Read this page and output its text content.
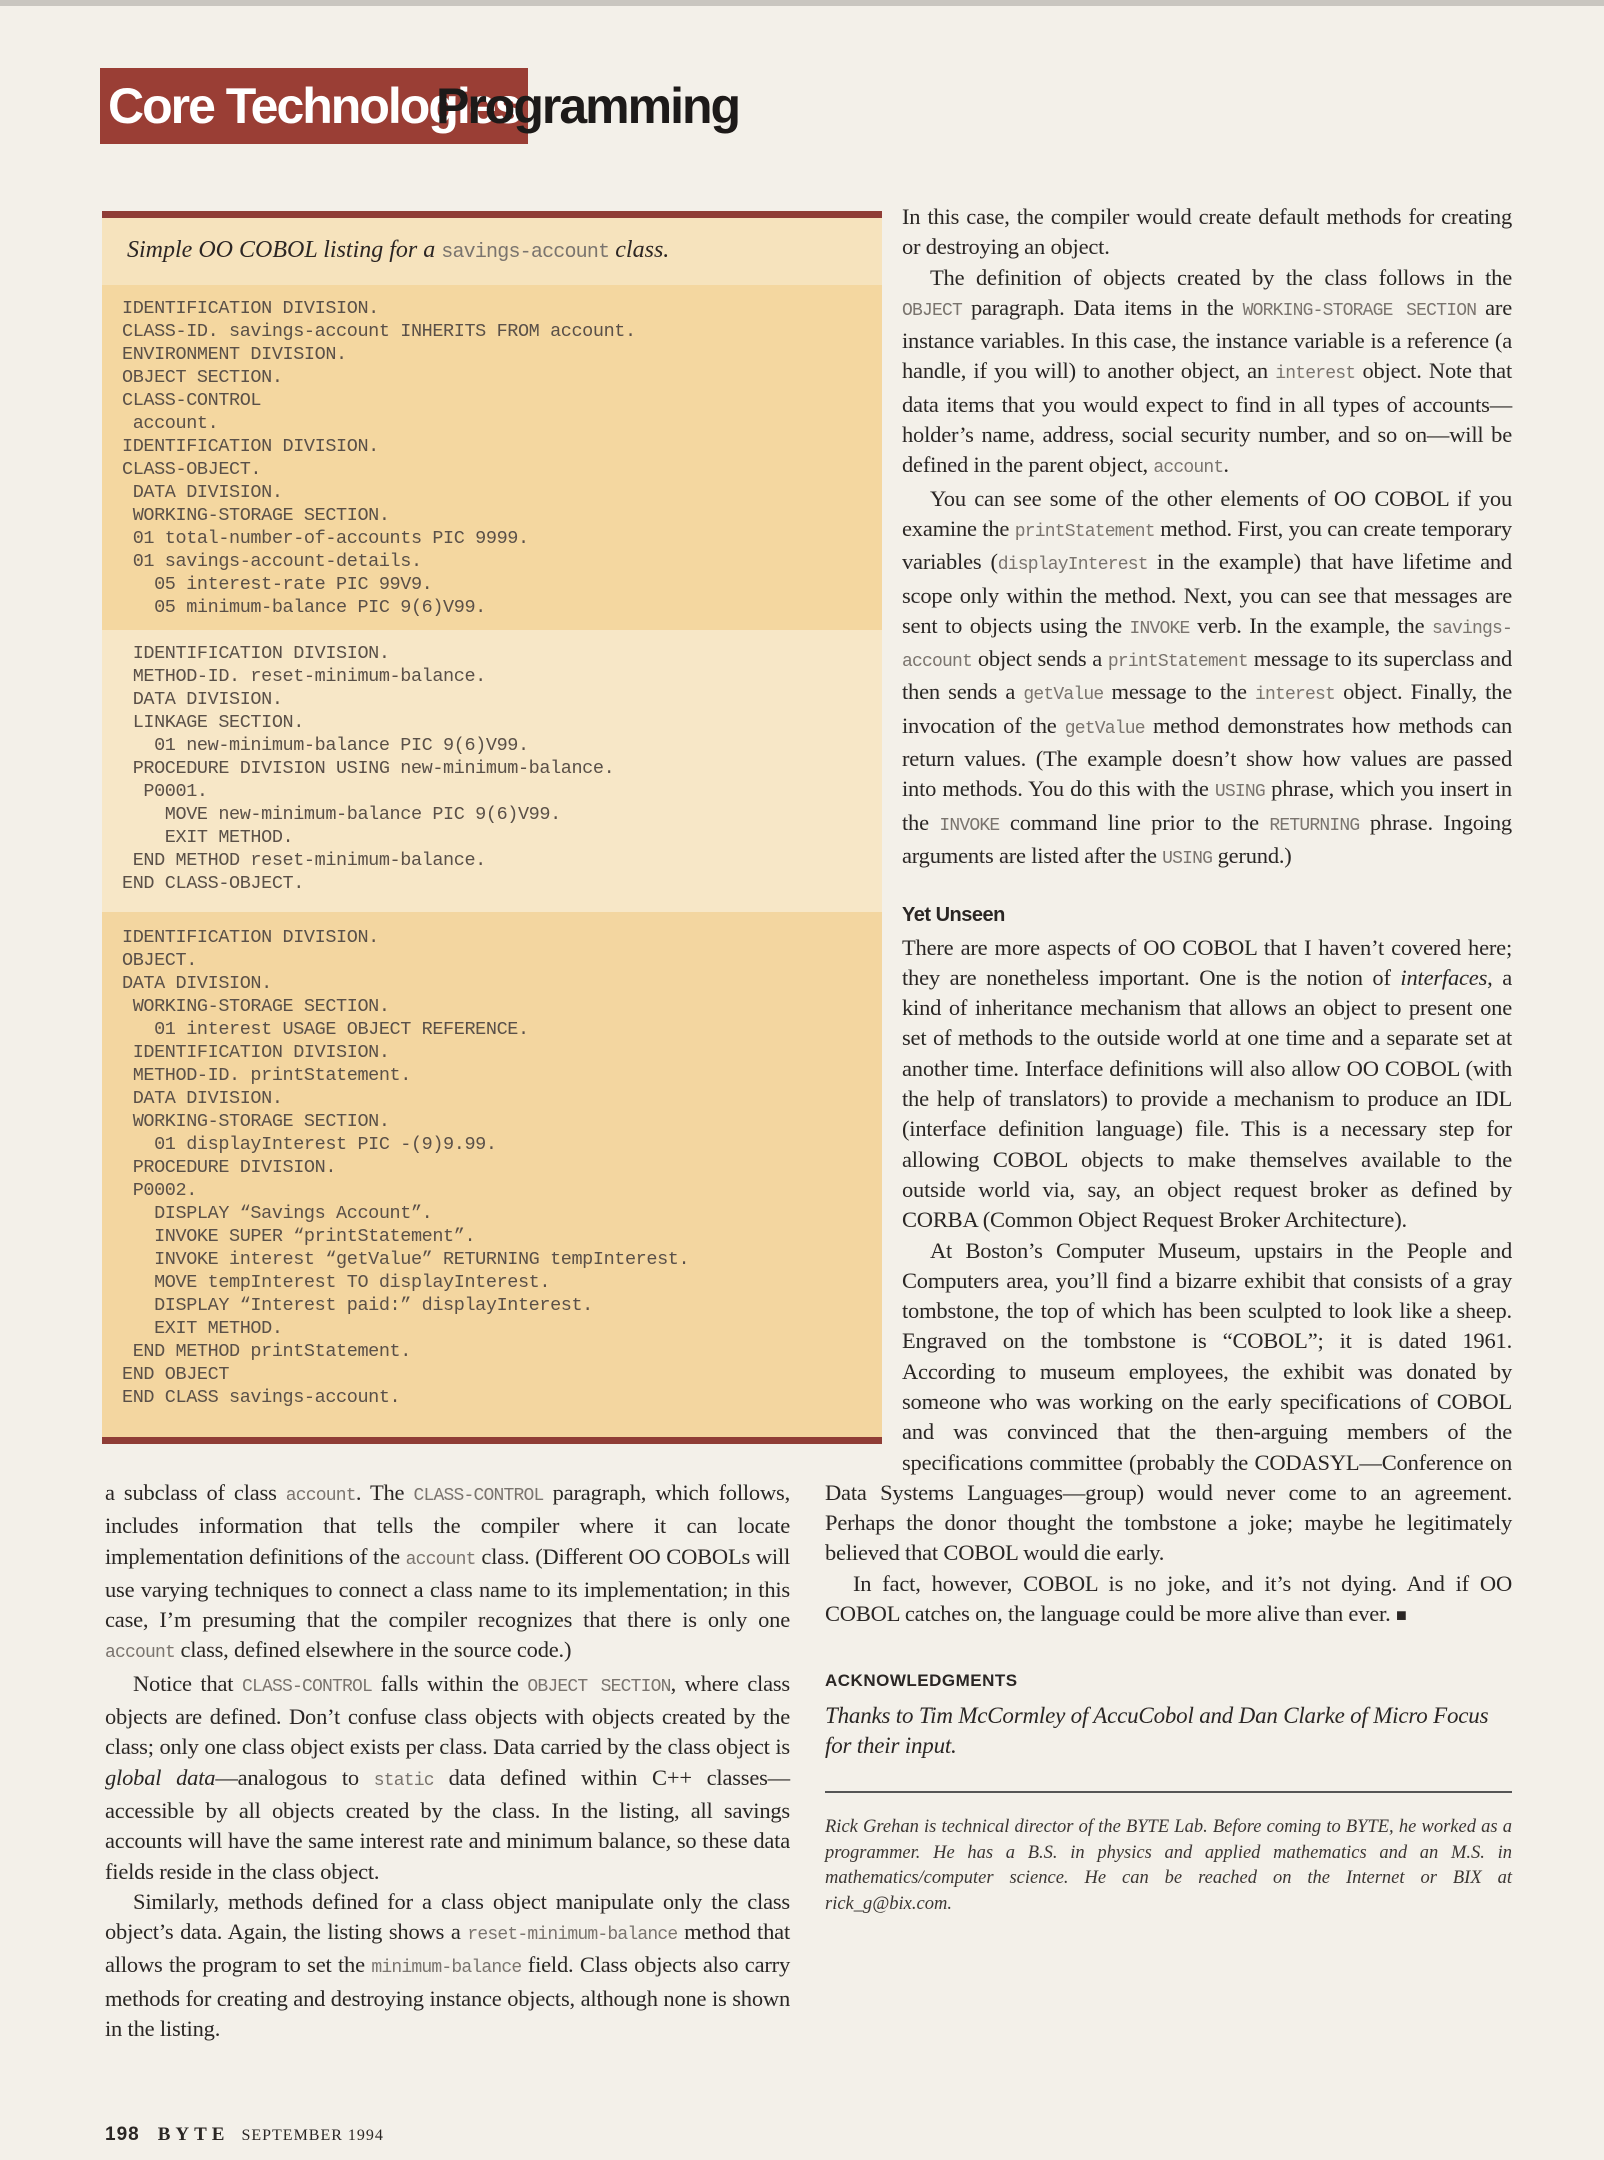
Core Technologies
Programming
Simple OO COBOL listing for a savings-account class.
IDENTIFICATION DIVISION.
CLASS-ID. savings-account INHERITS FROM account.
ENVIRONMENT DIVISION.
OBJECT SECTION.
CLASS-CONTROL
account.
IDENTIFICATION DIVISION.
CLASS-OBJECT.
DATA DIVISION.
WORKING-STORAGE SECTION.
01 total-number-of-accounts PIC 9999.
01 savings-account-details.
05 interest-rate PIC 99V9.
05 minimum-balance PIC 9(6)V99.
IDENTIFICATION DIVISION.
METHOD-ID. reset-minimum-balance.
DATA DIVISION.
LINKAGE SECTION.
01 new-minimum-balance PIC 9(6)V99.
PROCEDURE DIVISION USING new-minimum-balance.
P0001.
MOVE new-minimum-balance PIC 9(6)V99.
EXIT METHOD.
END METHOD reset-minimum-balance.
END CLASS-OBJECT.
IDENTIFICATION DIVISION.
OBJECT.
DATA DIVISION.
WORKING-STORAGE SECTION.
01 interest USAGE OBJECT REFERENCE.
IDENTIFICATION DIVISION.
METHOD-ID. printStatement.
DATA DIVISION.
WORKING-STORAGE SECTION.
01 displayInterest PIC -(9)9.99.
PROCEDURE DIVISION.
P0002.
DISPLAY “Savings Account”.
INVOKE SUPER “printStatement”.
INVOKE interest “getValue” RETURNING tempInterest.
MOVE tempInterest TO displayInterest.
DISPLAY “Interest paid:” displayInterest.
EXIT METHOD.
END METHOD printStatement.
END OBJECT
END CLASS savings-account.

a subclass of class account. The CLASS-CONTROL paragraph, which follows, includes information that tells the compiler where it can locate implementation definitions of the account class. (Different OO COBOLs will use varying techniques to connect a class name to its implementation; in this case, I’m presuming that the compiler recognizes that there is only one account class, defined elsewhere in the source code.)

Notice that CLASS-CONTROL falls within the OBJECT SECTION, where class objects are defined. Don’t confuse class objects with objects created by the class; only one class object exists per class. Data carried by the class object is global data—analogous to static data defined within C++ classes—accessible by all objects created by the class. In the listing, all savings accounts will have the same interest rate and minimum balance, so these data fields reside in the class object.

Similarly, methods defined for a class object manipulate only the class object’s data. Again, the listing shows a reset-minimum-balance method that allows the program to set the minimum-balance field. Class objects also carry methods for creating and destroying instance objects, although none is shown in the listing.

In this case, the compiler would create default methods for creating or destroying an object.

The definition of objects created by the class follows in the OBJECT paragraph. Data items in the WORKING-STORAGE SECTION are instance variables. In this case, the instance variable is a reference (a handle, if you will) to another object, an interest object. Note that data items that you would expect to find in all types of accounts—holder’s name, address, social security number, and so on—will be defined in the parent object, account.

You can see some of the other elements of OO COBOL if you examine the printStatement method. First, you can create temporary variables (displayInterest in the example) that have lifetime and scope only within the method. Next, you can see that messages are sent to objects using the INVOKE verb. In the example, the savings-account object sends a printStatement message to its superclass and then sends a getValue message to the interest object. Finally, the invocation of the getValue method demonstrates how methods can return values. (The example doesn’t show how values are passed into methods. You do this with the USING phrase, which you insert in the INVOKE command line prior to the RETURNING phrase. Ingoing arguments are listed after the USING gerund.)

Yet Unseen

There are more aspects of OO COBOL that I haven’t covered here; they are nonetheless important. One is the notion of interfaces, a kind of inheritance mechanism that allows an object to present one set of methods to the outside world at one time and a separate set at another time. Interface definitions will also allow OO COBOL (with the help of translators) to provide a mechanism to produce an IDL (interface definition language) file. This is a necessary step for allowing COBOL objects to make themselves available to the outside world via, say, an object request broker as defined by CORBA (Common Object Request Broker Architecture).

At Boston’s Computer Museum, upstairs in the People and Computers area, you’ll find a bizarre exhibit that consists of a gray tombstone, the top of which has been sculpted to look like a sheep. Engraved on the tombstone is “COBOL”; it is dated 1961. According to museum employees, the exhibit was donated by someone who was working on the early specifications of COBOL and was convinced that the then-arguing members of the specifications committee (probably the CODASYL—Conference on Data Systems Languages—group) would never come to an agreement. Perhaps the donor thought the tombstone a joke; maybe he legitimately believed that COBOL would die early.

In fact, however, COBOL is no joke, and it’s not dying. And if OO COBOL catches on, the language could be more alive than ever. ■

ACKNOWLEDGMENTS

Thanks to Tim McCormley of AccuCobol and Dan Clarke of Micro Focus for their input.

Rick Grehan is technical director of the BYTE Lab. Before coming to BYTE, he worked as a programmer. He has a B.S. in physics and applied mathematics and an M.S. in mathematics/computer science. He can be reached on the Internet or BIX at rick_g@bix.com.
198 BYTE SEPTEMBER 1994
